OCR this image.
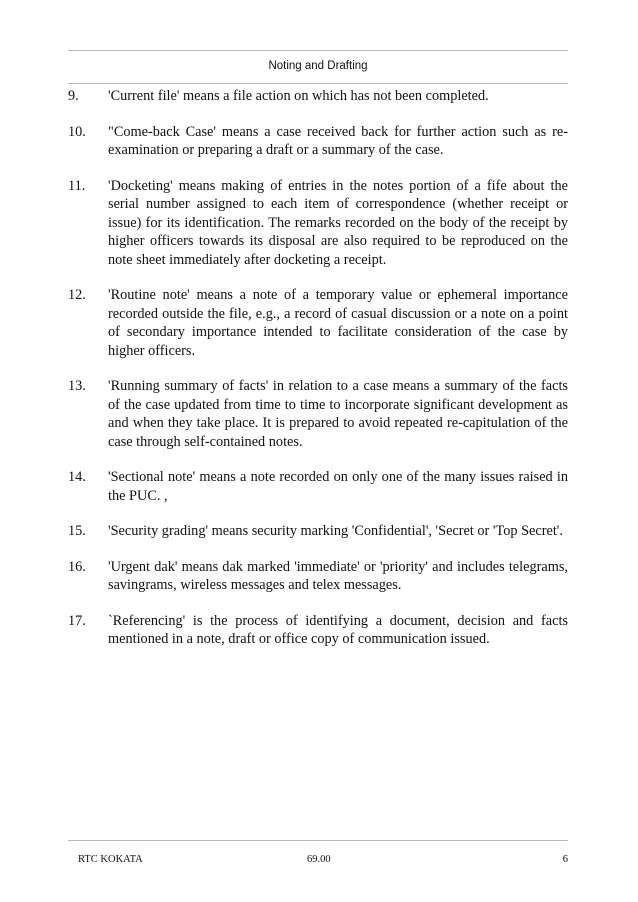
Noting and Drafting
9.	'Current file' means a file action on which has not been completed.
10.	"Come-back Case' means a case received back for further action such as re-examination or preparing a draft or a summary of the case.
11.	'Docketing' means making of entries in the notes portion of a fife about the serial number assigned to each item of correspondence (whether receipt or issue) for its identification. The remarks recorded on the body of the receipt by higher officers towards its disposal are also required to be reproduced on the note sheet immediately after docketing a receipt.
12.	'Routine note' means a note of a temporary value or ephemeral importance recorded outside the file, e.g., a record of casual discussion or a note on a point of secondary importance intended to facilitate consideration of the case by higher officers.
13.	'Running summary of facts' in relation to a case means a summary of the facts of the case updated from time to time to incorporate significant development as and when they take place. It is prepared to avoid repeated re-capitulation of the case through self-contained notes.
14.	'Sectional note' means a note recorded on only one of the many issues raised in the PUC. ,
15.	'Security grading' means security marking 'Confidential', 'Secret or 'Top Secret'.
16.	'Urgent dak' means dak marked 'immediate' or 'priority' and includes telegrams, savingrams, wireless messages and telex messages.
17.	`Referencing' is the process of identifying a document, decision and facts mentioned in a note, draft or office copy of communication issued.
RTC KOKATA	69.00	6
